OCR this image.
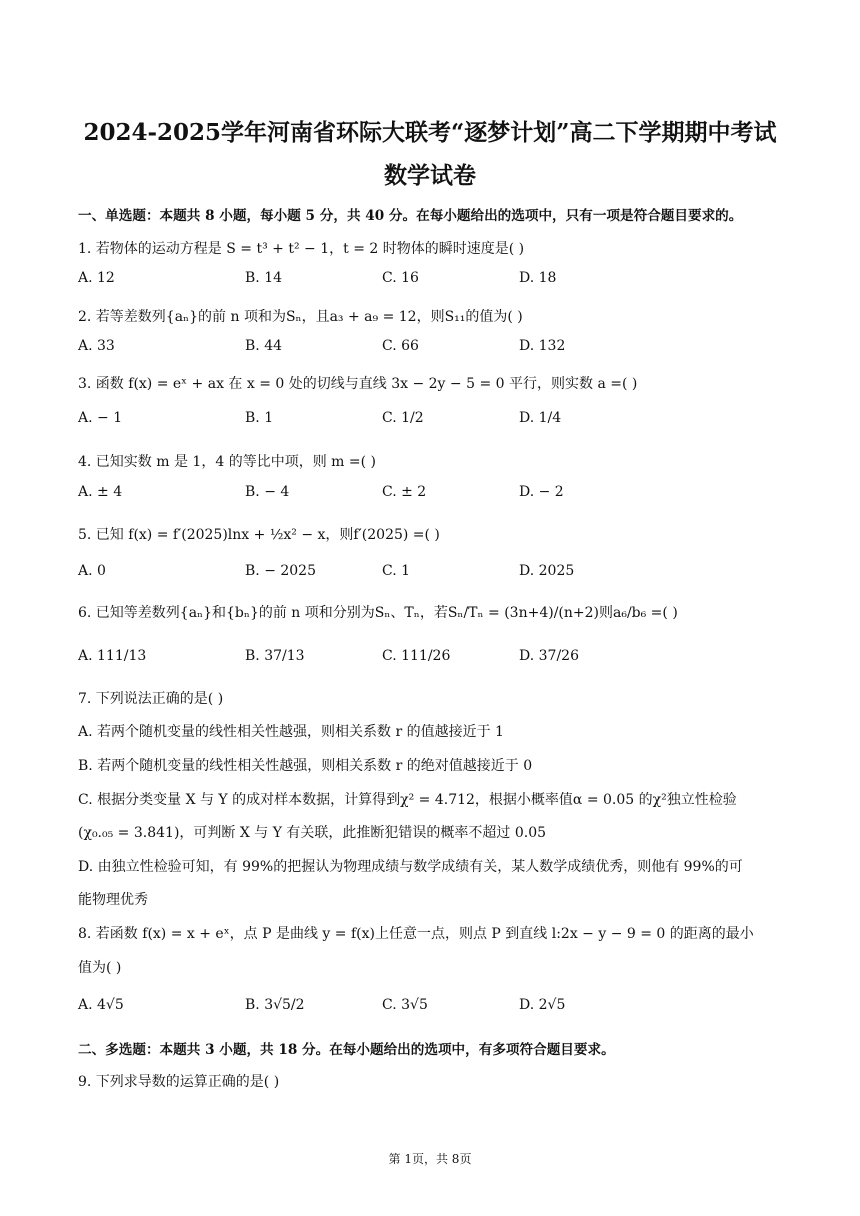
2024-2025学年河南省环际大联考“逐梦计划”高二下学期期中考试
数学试卷
一、单选题：本题共 8 小题，每小题 5 分，共 40 分。在每小题给出的选项中，只有一项是符合题目要求的。
1. 若物体的运动方程是 S = t³ + t² − 1，t = 2 时物体的瞬时速度是( )
A. 12	B. 14	C. 16	D. 18
2. 若等差数列{aₙ}的前 n 项和为Sₙ，且a₃ + a₉ = 12，则S₁₁的值为( )
A. 33	B. 44	C. 66	D. 132
3. 函数 f(x) = eˣ + ax 在 x = 0 处的切线与直线 3x − 2y − 5 = 0 平行，则实数 a =( )
A. − 1	B. 1	C. 1/2	D. 1/4
4. 已知实数 m 是 1，4 的等比中项，则 m =( )
A. ± 4	B. − 4	C. ± 2	D. − 2
5. 已知 f(x) = f′(2025)lnx + ½x² − x，则f′(2025) =( )
A. 0	B. − 2025	C. 1	D. 2025
6. 已知等差数列{aₙ}和{bₙ}的前 n 项和分别为Sₙ、Tₙ，若Sₙ/Tₙ = (3n+4)/(n+2)则a₆/b₆ =( )
A. 111/13	B. 37/13	C. 111/26	D. 37/26
7. 下列说法正确的是( )
A. 若两个随机变量的线性相关性越强，则相关系数 r 的值越接近于 1
B. 若两个随机变量的线性相关性越强，则相关系数 r 的绝对值越接近于 0
C. 根据分类变量 X 与 Y 的成对样本数据，计算得到χ² = 4.712，根据小概率值α = 0.05 的χ²独立性检验
(χ₀.₀₅ = 3.841)，可判断 X 与 Y 有关联，此推断犯错误的概率不超过 0.05
D. 由独立性检验可知，有 99%的把握认为物理成绩与数学成绩有关，某人数学成绩优秀，则他有 99%的可
能物理优秀
8. 若函数 f(x) = x + eˣ，点 P 是曲线 y = f(x)上任意一点，则点 P 到直线 l:2x − y − 9 = 0 的距离的最小
值为( )
A. 4√5	B. 3√5/2	C. 3√5	D. 2√5
二、多选题：本题共 3 小题，共 18 分。在每小题给出的选项中，有多项符合题目要求。
9. 下列求导数的运算正确的是( )
第 1页，共 8页
